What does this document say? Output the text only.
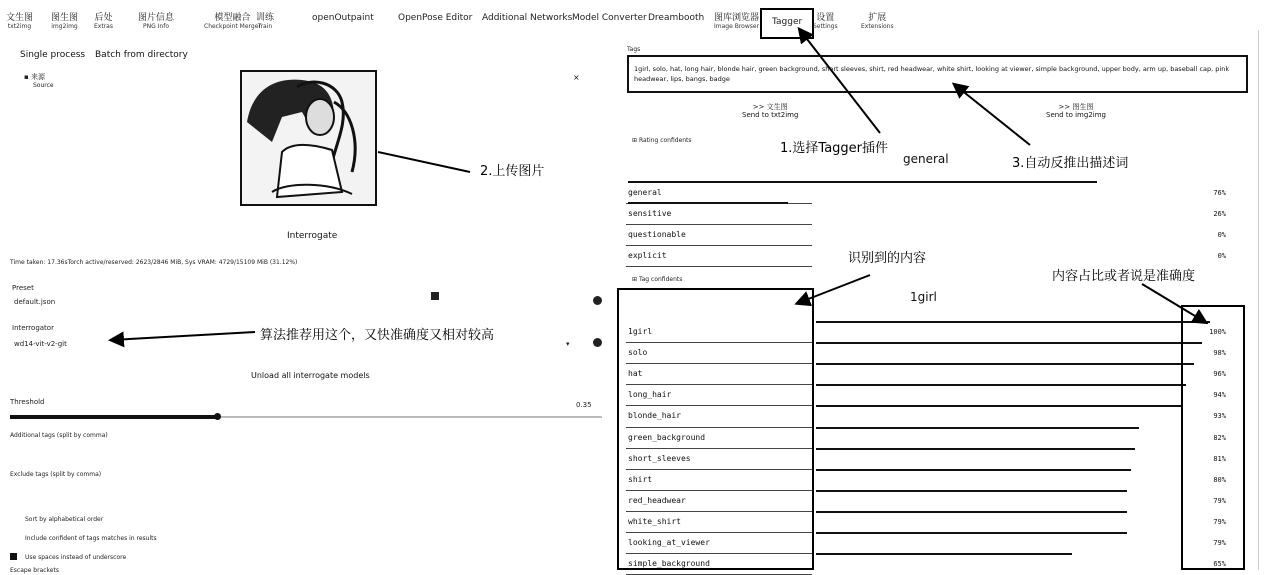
文生图
txt2img
图生图
img2img
后处
Extras
图片信息
PNG Info
模型融合
Checkpoint Merger
训练
Train
openOutpaint	OpenPose Editor Additional Networks Model Converter Dreambooth 图库浏览器
Image Browser	Tagger	设置
Settings
扩展
Extensions
Single process Batch from directory
▪ 来源
Source
×
Interrogate
Time taken: 17.36sTorch active/reserved: 2623/2846 MiB, Sys VRAM: 4729/15109 MiB (31.12%)
Preset
default.json
Interrogator
wd14-vit-v2-git	▾
Unload all interrogate models
Threshold	0.35
Additional tags (split by comma)
Exclude tags (split by comma)
Sort by alphabetical order
Include confident of tags matches in results
Use spaces instead of underscore
Escape brackets
Tags
1girl, solo, hat, long hair, blonde hair, green background, short sleeves, shirt, red headwear, white shirt, looking at viewer, simple background, upper body, arm up, baseball cap, pink headwear, lips, bangs, badge
>> 文生图
Send to txt2img
>> 图生图
Send to img2img
⊞ Rating confidents
general
general	76%
sensitive	26%
questionable	0%
explicit	0%
⊞ Tag confidents
1girl
1girl	100%
solo	98%
hat	96%
long_hair	94%
blonde_hair	93%
green_background	82%
short_sleeves	81%
shirt	80%
red_headwear	79%
white_shirt	79%
looking_at_viewer	79%
simple_background	65%
1.选择Tagger插件
2.上传图片
3.自动反推出描述词
算法推荐用这个，又快准确度又相对较高
识别到的内容
内容占比或者说是准确度
